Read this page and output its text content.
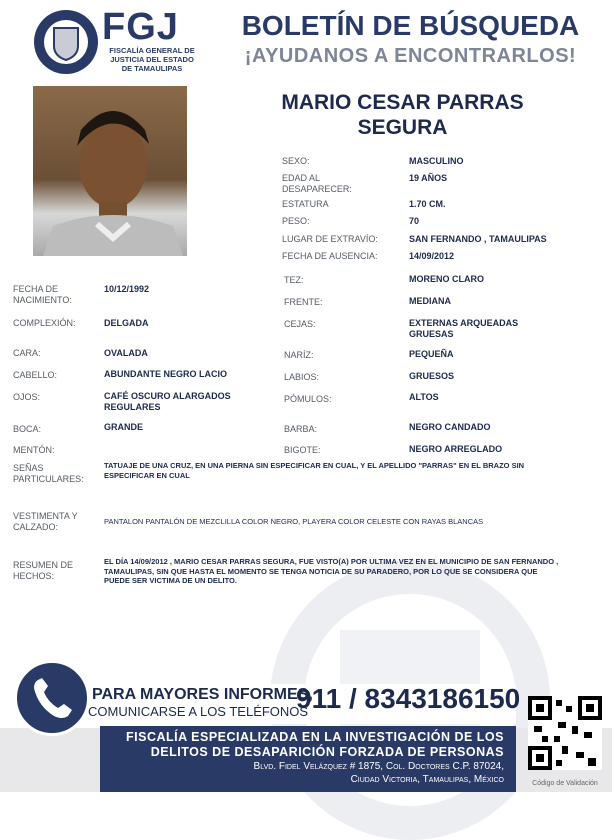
FGJ
FISCALÍA GENERAL DE
JUSTICIA DEL ESTADO
DE TAMAULIPAS
BOLETÍN DE BÚSQUEDA
¡AYUDANOS A ENCONTRARLOS!
MARIO CESAR PARRAS
SEGURA
SEXO:	MASCULINO
EDAD AL DESAPARECER:
19 AÑOS
ESTATURA	1.70 CM.
PESO:	70
LUGAR DE EXTRAVÍO:	SAN FERNANDO , TAMAULIPAS
FECHA DE AUSENCIA:	14/09/2012
TEZ:	MORENO CLARO
FRENTE:	MEDIANA
CEJAS:	EXTERNAS ARQUEADAS GRUESAS
NARÍZ:	PEQUEÑA
LABIOS:	GRUESOS
PÓMULOS:	ALTOS
BARBA:	NEGRO CANDADO
BIGOTE:	NEGRO ARREGLADO
FECHA DE NACIMIENTO:
10/12/1992
COMPLEXIÓN:	DELGADA
CARA:	OVALADA
CABELLO:	ABUNDANTE NEGRO LACIO
OJOS:	CAFÉ OSCURO ALARGADOS REGULARES
BOCA:	GRANDE
MENTÓN:
SEÑAS PARTICULARES:
TATUAJE DE UNA CRUZ, EN UNA PIERNA SIN ESPECIFICAR EN CUAL, Y EL APELLIDO "PARRAS" EN EL BRAZO SIN ESPECIFICAR EN CUAL
VESTIMENTA Y CALZADO:
PANTALON PANTALÓN DE MEZCLILLA COLOR NEGRO, PLAYERA COLOR CELESTE CON RAYAS BLANCAS
RESUMEN DE HECHOS:
EL DÍA 14/09/2012 , MARIO CESAR PARRAS SEGURA, FUE VISTO(A) POR ULTIMA VEZ EN EL MUNICIPIO DE SAN FERNANDO , TAMAULIPAS, SIN QUE HASTA EL MOMENTO SE TENGA NOTICIA DE SU PARADERO, POR LO QUE SE CONSIDERA QUE PUEDE SER VICTIMA DE UN DELITO.
PARA MAYORES INFORMES,
COMUNICARSE A LOS TELÉFONOS
911 / 8343186150
FISCALÍA ESPECIALIZADA EN LA INVESTIGACIÓN DE LOS
DELITOS DE DESAPARICIÓN FORZADA DE PERSONAS
Blvd. Fidel Velázquez # 1875, Col. Doctores C.P. 87024,
Ciudad Victoria, Tamaulipas, México	Código de Validación
